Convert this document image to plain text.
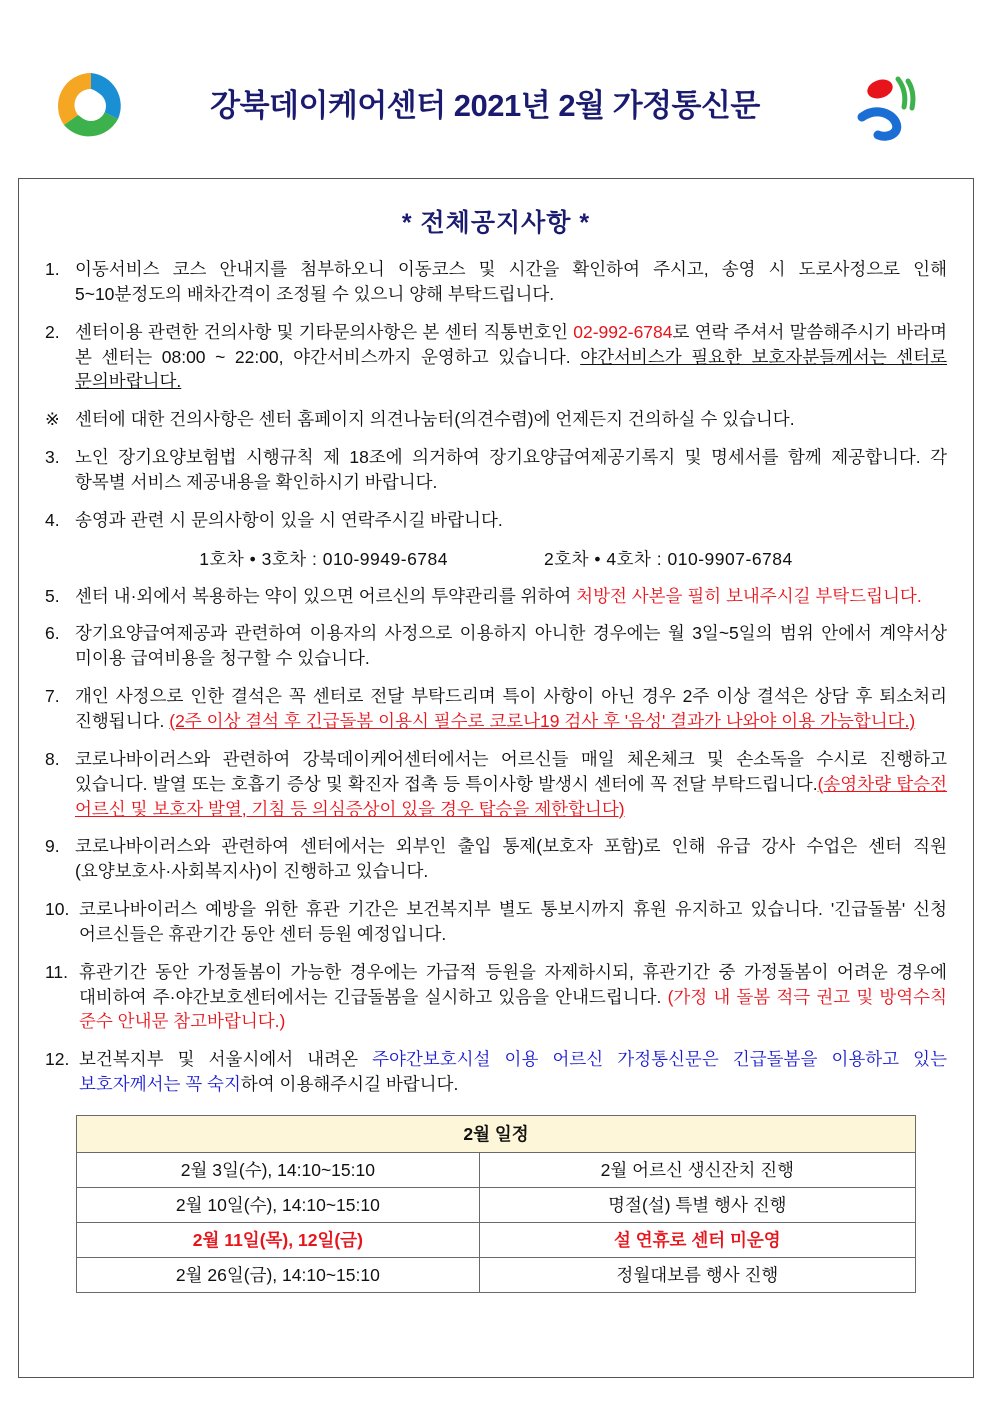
강북데이케어센터 2021년 2월 가정통신문
* 전체공지사항 *
1. 이동서비스 코스 안내지를 첨부하오니 이동코스 및 시간을 확인하여 주시고, 송영 시 도로사정으로 인해 5~10분정도의 배차간격이 조정될 수 있으니 양해 부탁드립니다.
2. 센터이용 관련한 건의사항 및 기타문의사항은 본 센터 직통번호인 02-992-6784로 연락 주셔서 말씀해주시기 바라며 본 센터는 08:00 ~ 22:00, 야간서비스까지 운영하고 있습니다. 야간서비스가 필요한 보호자분들께서는 센터로 문의바랍니다.
※ 센터에 대한 건의사항은 센터 홈페이지 의견나눔터(의견수렴)에 언제든지 건의하실 수 있습니다.
3. 노인 장기요양보험법 시행규칙 제 18조에 의거하여 장기요양급여제공기록지 및 명세서를 함께 제공합니다. 각 항목별 서비스 제공내용을 확인하시기 바랍니다.
4. 송영과 관련 시 문의사항이 있을 시 연락주시길 바랍니다.
1호차 • 3호차 : 010-9949-6784	2호차 • 4호차 : 010-9907-6784
5. 센터 내·외에서 복용하는 약이 있으면 어르신의 투약관리를 위하여 처방전 사본을 필히 보내주시길 부탁드립니다.
6. 장기요양급여제공과 관련하여 이용자의 사정으로 이용하지 아니한 경우에는 월 3일~5일의 범위 안에서 계약서상 미이용 급여비용을 청구할 수 있습니다.
7. 개인 사정으로 인한 결석은 꼭 센터로 전달 부탁드리며 특이 사항이 아닌 경우 2주 이상 결석은 상담 후 퇴소처리 진행됩니다. (2주 이상 결석 후 긴급돌봄 이용시 필수로 코로나19 검사 후 '음성' 결과가 나와야 이용 가능합니다.)
8. 코로나바이러스와 관련하여 강북데이케어센터에서는 어르신들 매일 체온체크 및 손소독을 수시로 진행하고 있습니다. 발열 또는 호흡기 증상 및 확진자 접촉 등 특이사항 발생시 센터에 꼭 전달 부탁드립니다.(송영차량 탑승전 어르신 및 보호자 발열, 기침 등 의심증상이 있을 경우 탑승을 제한합니다)
9. 코로나바이러스와 관련하여 센터에서는 외부인 출입 통제(보호자 포함)로 인해 유급 강사 수업은 센터 직원(요양보호사·사회복지사)이 진행하고 있습니다.
10. 코로나바이러스 예방을 위한 휴관 기간은 보건복지부 별도 통보시까지 휴원 유지하고 있습니다. '긴급돌봄' 신청 어르신들은 휴관기간 동안 센터 등원 예정입니다.
11. 휴관기간 동안 가정돌봄이 가능한 경우에는 가급적 등원을 자제하시되, 휴관기간 중 가정돌봄이 어려운 경우에 대비하여 주·야간보호센터에서는 긴급돌봄을 실시하고 있음을 안내드립니다. (가정 내 돌봄 적극 권고 및 방역수칙 준수 안내문 참고바랍니다.)
12. 보건복지부 및 서울시에서 내려온 주야간보호시설 이용 어르신 가정통신문은 긴급돌봄을 이용하고 있는 보호자께서는 꼭 숙지하여 이용해주시길 바랍니다.
2월 일정	
2월 3일(수), 14:10~15:10	2월 어르신 생신잔치 진행
2월 10일(수), 14:10~15:10	명절(설) 특별 행사 진행
2월 11일(목), 12일(금)	설 연휴로 센터 미운영
2월 26일(금), 14:10~15:10	정월대보름 행사 진행
